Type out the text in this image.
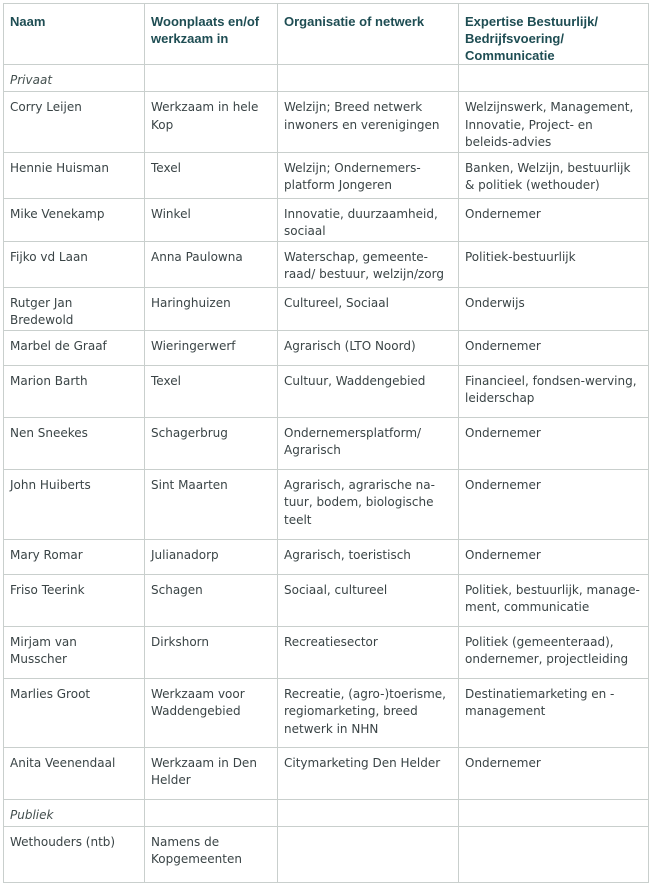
Naam	Woonplaats en/of werkzaam in	Organisatie of netwerk	Expertise Bestuurlijk/ Bedrijfsvoering/ Communicatie
Privaat			
Corry Leijen	Werkzaam in hele Kop	Welzijn; Breed netwerk inwoners en verenigingen	Welzijnswerk, Management, Innovatie, Project- en beleids-advies
Hennie Huisman	Texel	Welzijn; Ondernemers-platform Jongeren	Banken, Welzijn, bestuurlijk & politiek (wethouder)
Mike Venekamp	Winkel	Innovatie, duurzaamheid, sociaal	Ondernemer
Fijko vd Laan	Anna Paulowna	Waterschap, gemeente-raad/ bestuur, welzijn/zorg	Politiek-bestuurlijk
Rutger Jan Bredewold	Haringhuizen	Cultureel, Sociaal	Onderwijs
Marbel de Graaf	Wieringerwerf	Agrarisch (LTO Noord)	Ondernemer
Marion Barth	Texel	Cultuur, Waddengebied	Financieel, fondsen-werving, leiderschap
Nen Sneekes	Schagerbrug	Ondernemersplatform/ Agrarisch	Ondernemer
John Huiberts	Sint Maarten	Agrarisch, agrarische na-tuur, bodem, biologische teelt	Ondernemer
Mary Romar	Julianadorp	Agrarisch, toeristisch	Ondernemer
Friso Teerink	Schagen	Sociaal, cultureel	Politiek, bestuurlijk, manage-ment, communicatie
Mirjam van Musscher	Dirkshorn	Recreatiesector	Politiek (gemeenteraad), ondernemer, projectleiding
Marlies Groot	Werkzaam voor Waddengebied	Recreatie, (agro-)toerisme, regiomarketing, breed netwerk in NHN	Destinatiemarketing en -management
Anita Veenendaal	Werkzaam in Den Helder	Citymarketing Den Helder	Ondernemer
Publiek			
Wethouders (ntb)	Namens de Kopgemeenten		
